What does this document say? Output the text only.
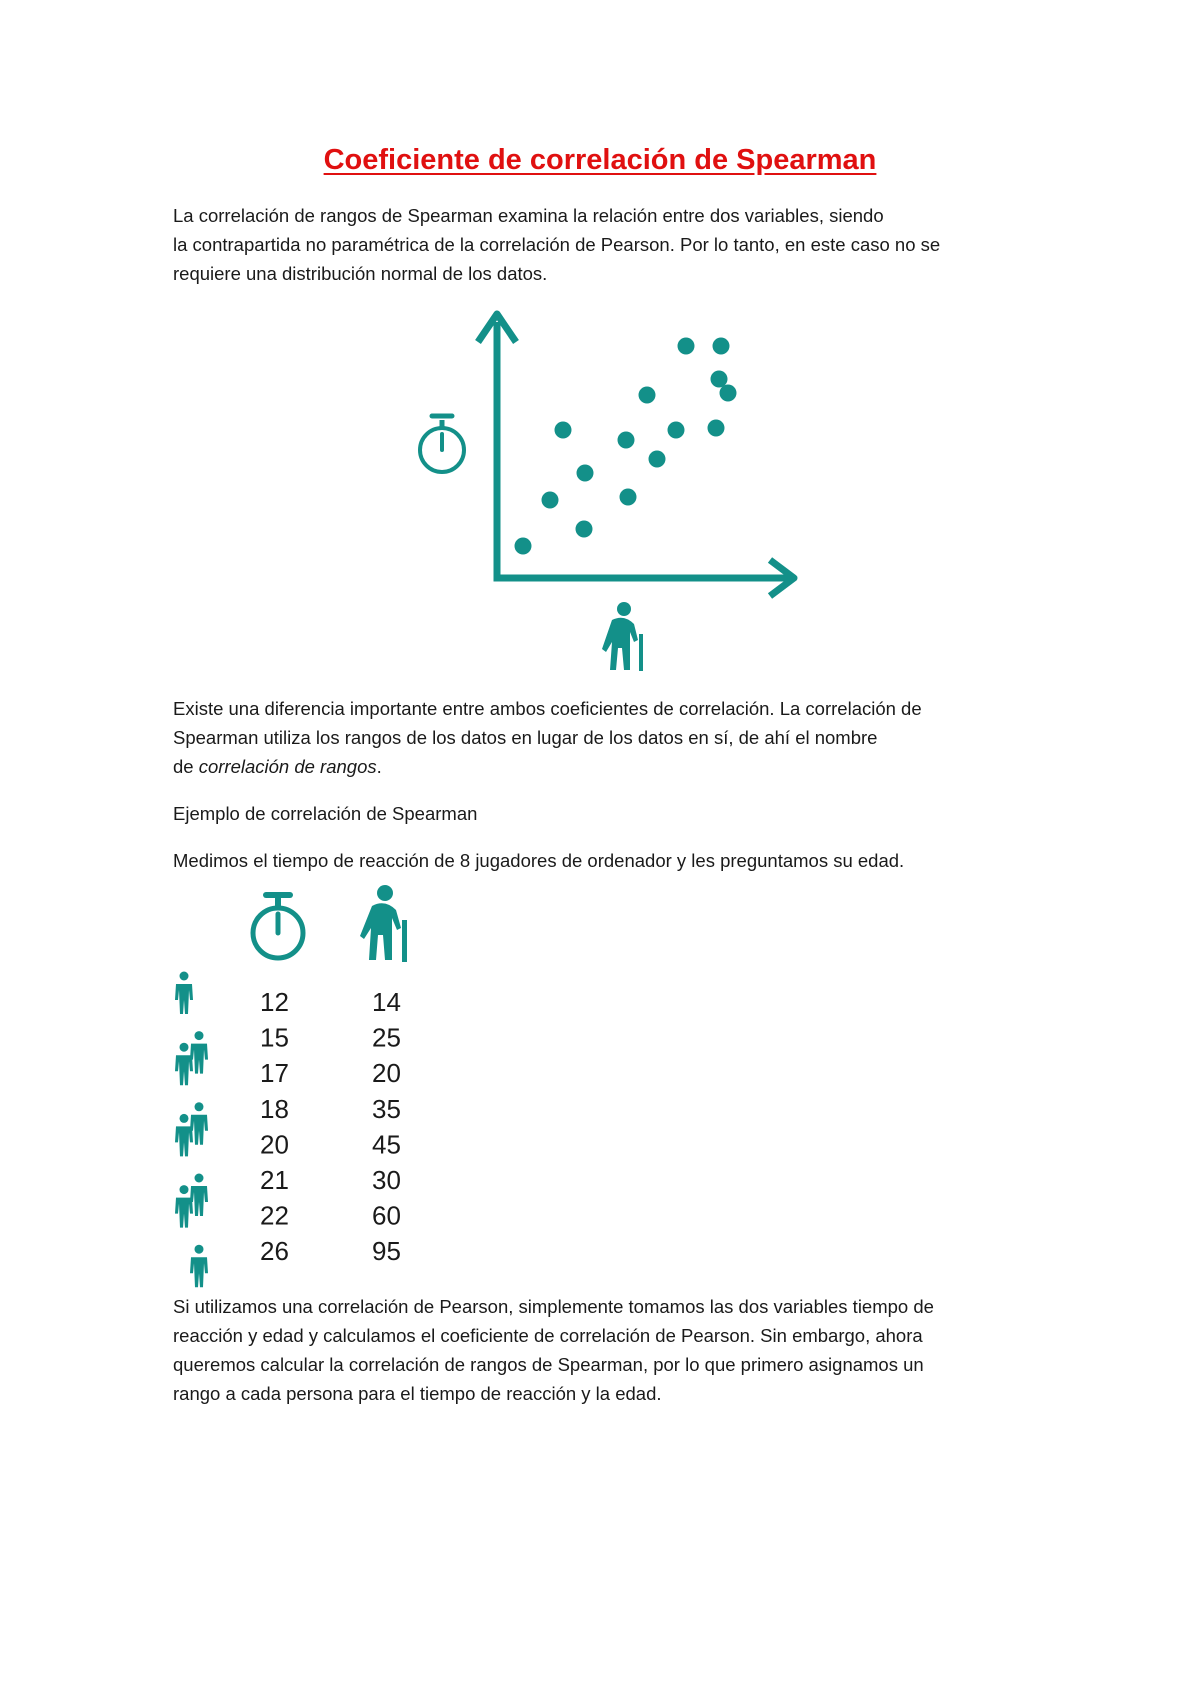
Coeficiente de correlación de Spearman
La correlación de rangos de Spearman examina la relación entre dos variables, siendo
la contrapartida no paramétrica de la correlación de Pearson. Por lo tanto, en este caso no se
requiere una distribución normal de los datos.
Existe una diferencia importante entre ambos coeficientes de correlación. La correlación de
Spearman utiliza los rangos de los datos en lugar de los datos en sí, de ahí el nombre
de correlación de rangos.
Ejemplo de correlación de Spearman
Medimos el tiempo de reacción de 8 jugadores de ordenador y les preguntamos su edad.
12	14
15	25
17	20
18	35
20	45
21	30
22	60
26	95
Si utilizamos una correlación de Pearson, simplemente tomamos las dos variables tiempo de
reacción y edad y calculamos el coeficiente de correlación de Pearson. Sin embargo, ahora
queremos calcular la correlación de rangos de Spearman, por lo que primero asignamos un
rango a cada persona para el tiempo de reacción y la edad.
